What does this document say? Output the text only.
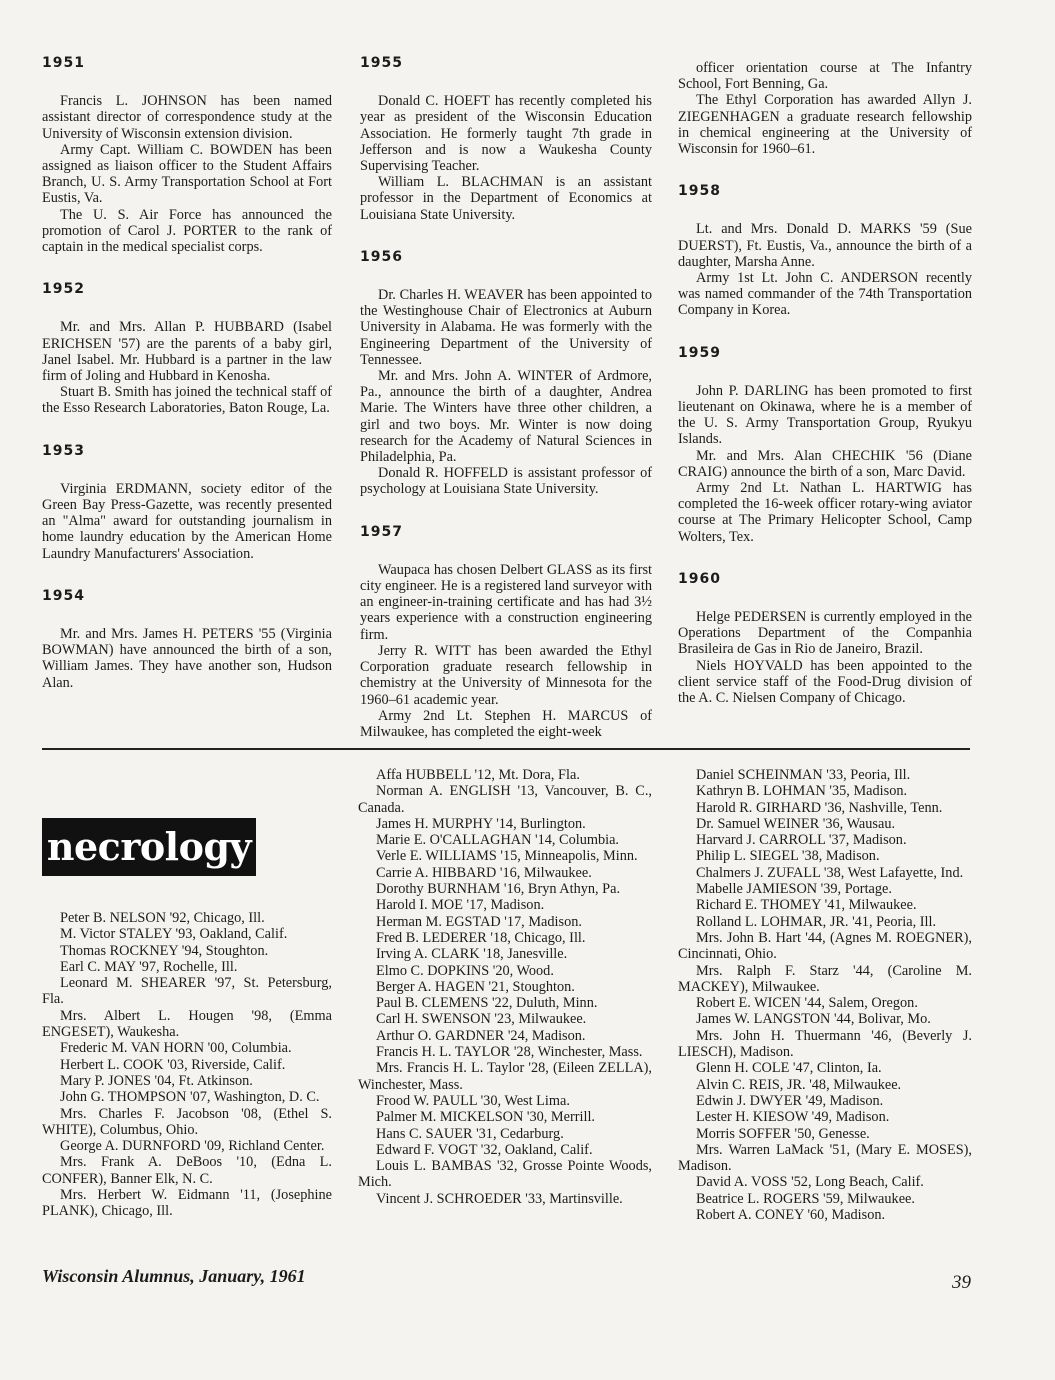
1951

Francis L. JOHNSON has been named assistant director of correspondence study at the University of Wisconsin extension division.

Army Capt. William C. BOWDEN has been assigned as liaison officer to the Student Affairs Branch, U. S. Army Transportation School at Fort Eustis, Va.

The U. S. Air Force has announced the promotion of Carol J. PORTER to the rank of captain in the medical specialist corps.

1952

Mr. and Mrs. Allan P. HUBBARD (Isabel ERICHSEN '57) are the parents of a baby girl, Janel Isabel. Mr. Hubbard is a partner in the law firm of Joling and Hubbard in Kenosha.

Stuart B. Smith has joined the technical staff of the Esso Research Laboratories, Baton Rouge, La.

1953

Virginia ERDMANN, society editor of the Green Bay Press-Gazette, was recently presented an "Alma" award for outstanding journalism in home laundry education by the American Home Laundry Manufacturers' Association.

1954

Mr. and Mrs. James H. PETERS '55 (Virginia BOWMAN) have announced the birth of a son, William James. They have another son, Hudson Alan.

1955

Donald C. HOEFT has recently completed his year as president of the Wisconsin Education Association. He formerly taught 7th grade in Jefferson and is now a Waukesha County Supervising Teacher.

William L. BLACHMAN is an assistant professor in the Department of Economics at Louisiana State University.

1956

Dr. Charles H. WEAVER has been appointed to the Westinghouse Chair of Electronics at Auburn University in Alabama. He was formerly with the Engineering Department of the University of Tennessee.

Mr. and Mrs. John A. WINTER of Ardmore, Pa., announce the birth of a daughter, Andrea Marie. The Winters have three other children, a girl and two boys. Mr. Winter is now doing research for the Academy of Natural Sciences in Philadelphia, Pa.

Donald R. HOFFELD is assistant professor of psychology at Louisiana State University.

1957

Waupaca has chosen Delbert GLASS as its first city engineer. He is a registered land surveyor with an engineer-in-training certificate and has had 3½ years experience with a construction engineering firm.

Jerry R. WITT has been awarded the Ethyl Corporation graduate research fellowship in chemistry at the University of Minnesota for the 1960–61 academic year.

Army 2nd Lt. Stephen H. MARCUS of Milwaukee, has completed the eight-week

officer orientation course at The Infantry School, Fort Benning, Ga.

The Ethyl Corporation has awarded Allyn J. ZIEGENHAGEN a graduate research fellowship in chemical engineering at the University of Wisconsin for 1960–61.

1958

Lt. and Mrs. Donald D. MARKS '59 (Sue DUERST), Ft. Eustis, Va., announce the birth of a daughter, Marsha Anne.

Army 1st Lt. John C. ANDERSON recently was named commander of the 74th Transportation Company in Korea.

1959

John P. DARLING has been promoted to first lieutenant on Okinawa, where he is a member of the U. S. Army Transportation Group, Ryukyu Islands.

Mr. and Mrs. Alan CHECHIK '56 (Diane CRAIG) announce the birth of a son, Marc David.

Army 2nd Lt. Nathan L. HARTWIG has completed the 16-week officer rotary-wing aviator course at The Primary Helicopter School, Camp Wolters, Tex.

1960

Helge PEDERSEN is currently employed in the Operations Department of the Companhia Brasileira de Gas in Rio de Janeiro, Brazil.

Niels HOYVALD has been appointed to the client service staff of the Food-Drug division of the A. C. Nielsen Company of Chicago.

necrology
Peter B. NELSON '92, Chicago, Ill.
M. Victor STALEY '93, Oakland, Calif.
Thomas ROCKNEY '94, Stoughton.
Earl C. MAY '97, Rochelle, Ill.
Leonard M. SHEARER '97, St. Petersburg, Fla.
Mrs. Albert L. Hougen '98, (Emma ENGESET), Waukesha.
Frederic M. VAN HORN '00, Columbia.
Herbert L. COOK '03, Riverside, Calif.
Mary P. JONES '04, Ft. Atkinson.
John G. THOMPSON '07, Washington, D. C.
Mrs. Charles F. Jacobson '08, (Ethel S. WHITE), Columbus, Ohio.
George A. DURNFORD '09, Richland Center.
Mrs. Frank A. DeBoos '10, (Edna L. CONFER), Banner Elk, N. C.
Mrs. Herbert W. Eidmann '11, (Josephine PLANK), Chicago, Ill.
Affa HUBBELL '12, Mt. Dora, Fla.
Norman A. ENGLISH '13, Vancouver, B. C., Canada.
James H. MURPHY '14, Burlington.
Marie E. O'CALLAGHAN '14, Columbia.
Verle E. WILLIAMS '15, Minneapolis, Minn.
Carrie A. HIBBARD '16, Milwaukee.
Dorothy BURNHAM '16, Bryn Athyn, Pa.
Harold I. MOE '17, Madison.
Herman M. EGSTAD '17, Madison.
Fred B. LEDERER '18, Chicago, Ill.
Irving A. CLARK '18, Janesville.
Elmo C. DOPKINS '20, Wood.
Berger A. HAGEN '21, Stoughton.
Paul B. CLEMENS '22, Duluth, Minn.
Carl H. SWENSON '23, Milwaukee.
Arthur O. GARDNER '24, Madison.
Francis H. L. TAYLOR '28, Winchester, Mass.
Mrs. Francis H. L. Taylor '28, (Eileen ZELLA), Winchester, Mass.
Frood W. PAULL '30, West Lima.
Palmer M. MICKELSON '30, Merrill.
Hans C. SAUER '31, Cedarburg.
Edward F. VOGT '32, Oakland, Calif.
Louis L. BAMBAS '32, Grosse Pointe Woods, Mich.
Vincent J. SCHROEDER '33, Martinsville.
Daniel SCHEINMAN '33, Peoria, Ill.
Kathryn B. LOHMAN '35, Madison.
Harold R. GIRHARD '36, Nashville, Tenn.
Dr. Samuel WEINER '36, Wausau.
Harvard J. CARROLL '37, Madison.
Philip L. SIEGEL '38, Madison.
Chalmers J. ZUFALL '38, West Lafayette, Ind.
Mabelle JAMIESON '39, Portage.
Richard E. THOMEY '41, Milwaukee.
Rolland L. LOHMAR, JR. '41, Peoria, Ill.
Mrs. John B. Hart '44, (Agnes M. ROEGNER), Cincinnati, Ohio.
Mrs. Ralph F. Starz '44, (Caroline M. MACKEY), Milwaukee.
Robert E. WICEN '44, Salem, Oregon.
James W. LANGSTON '44, Bolivar, Mo.
Mrs. John H. Thuermann '46, (Beverly J. LIESCH), Madison.
Glenn H. COLE '47, Clinton, Ia.
Alvin C. REIS, JR. '48, Milwaukee.
Edwin J. DWYER '49, Madison.
Lester H. KIESOW '49, Madison.
Morris SOFFER '50, Genesse.
Mrs. Warren LaMack '51, (Mary E. MOSES), Madison.
David A. VOSS '52, Long Beach, Calif.
Beatrice L. ROGERS '59, Milwaukee.
Robert A. CONEY '60, Madison.
Wisconsin Alumnus, January, 1961	39
